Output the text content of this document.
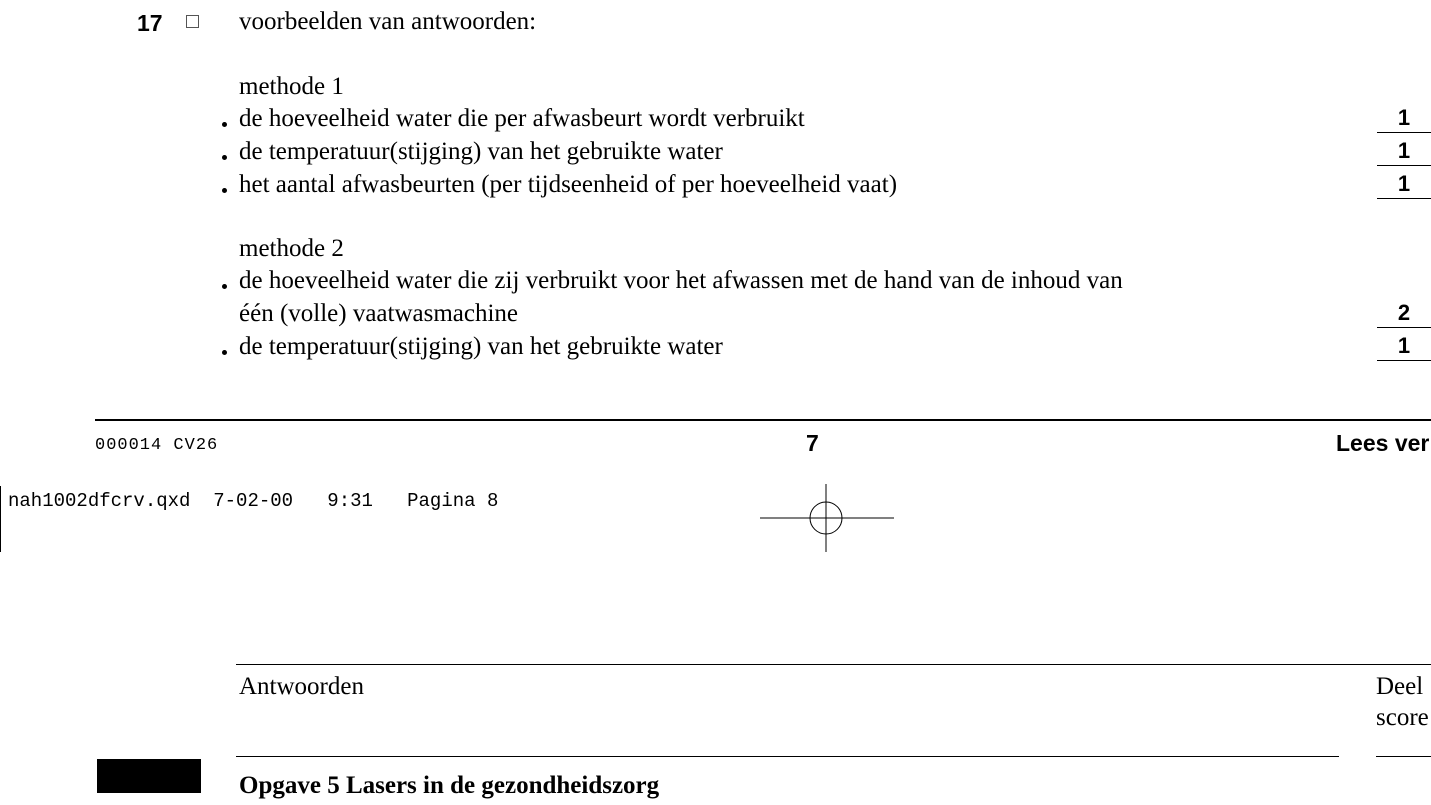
17	voorbeelden van antwoorden:
methode 1
de hoeveelheid water die per afwasbeurt wordt verbruikt	1
de temperatuur(stijging) van het gebruikte water	1
het aantal afwasbeurten (per tijdseenheid of per hoeveelheid vaat)	1
methode 2
de hoeveelheid water die zij verbruikt voor het afwassen met de hand van de inhoud van
één (volle) vaatwasmachine	2
de temperatuur(stijging) van het gebruikte water	1
000014 CV26	7	Lees ver
nah1002dfcrv.qxd 7-02-00 9:31 Pagina 8
Antwoorden	Deel
score
Opgave 5 Lasers in de gezondheidszorg
